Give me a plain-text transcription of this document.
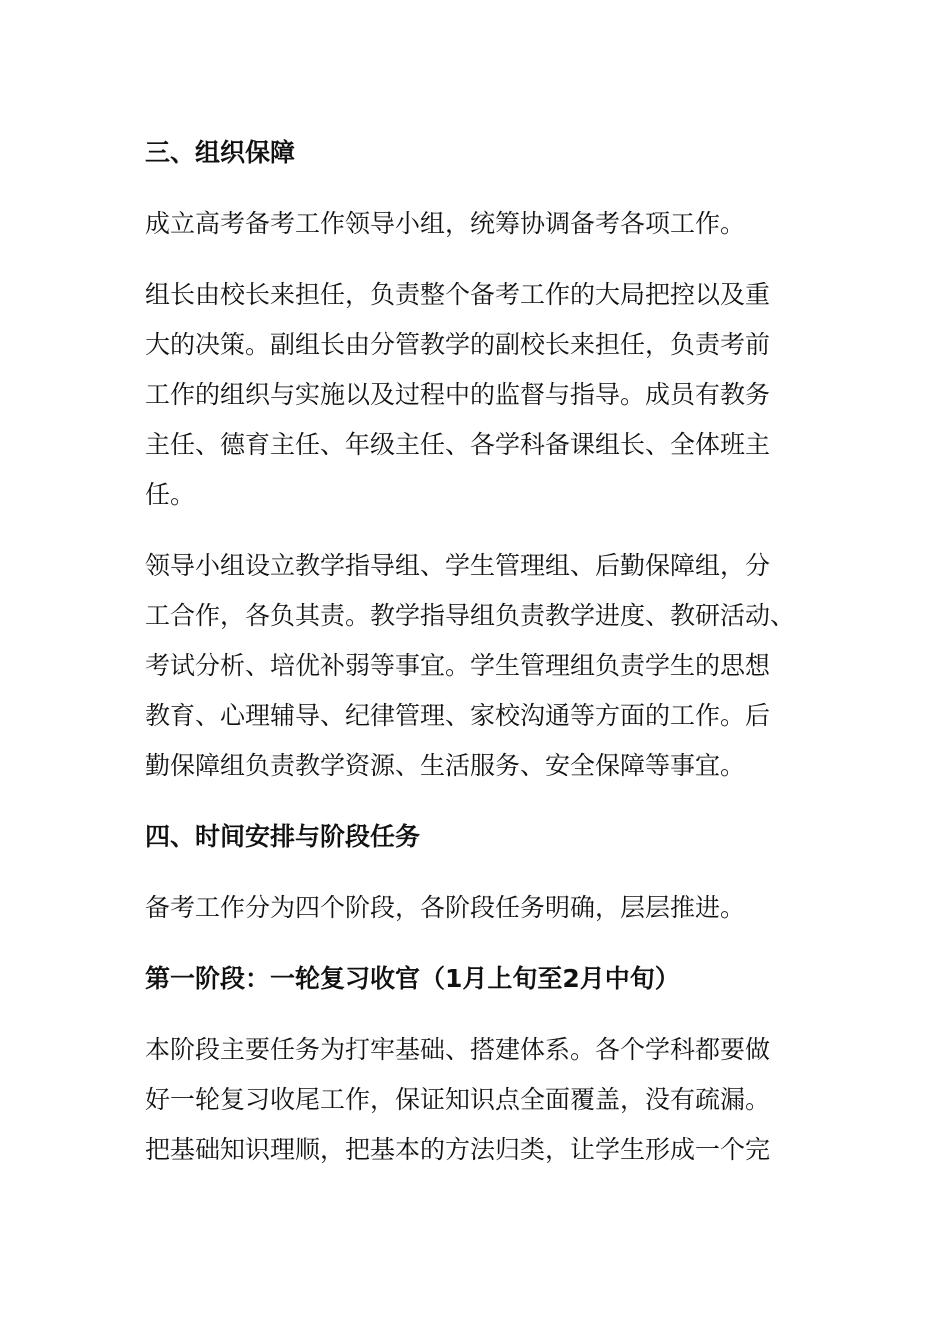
三、组织保障
成立高考备考工作领导小组，统筹协调备考各项工作。
组长由校长来担任，负责整个备考工作的大局把控以及重
大的决策。副组长由分管教学的副校长来担任，负责考前
工作的组织与实施以及过程中的监督与指导。成员有教务
主任、德育主任、年级主任、各学科备课组长、全体班主
任。
领导小组设立教学指导组、学生管理组、后勤保障组，分
工合作，各负其责。教学指导组负责教学进度、教研活动、
考试分析、培优补弱等事宜。学生管理组负责学生的思想
教育、心理辅导、纪律管理、家校沟通等方面的工作。后
勤保障组负责教学资源、生活服务、安全保障等事宜。
四、时间安排与阶段任务
备考工作分为四个阶段，各阶段任务明确，层层推进。
第一阶段：一轮复习收官（1月上旬至2月中旬）
本阶段主要任务为打牢基础、搭建体系。各个学科都要做
好一轮复习收尾工作，保证知识点全面覆盖，没有疏漏。
把基础知识理顺，把基本的方法归类，让学生形成一个完
